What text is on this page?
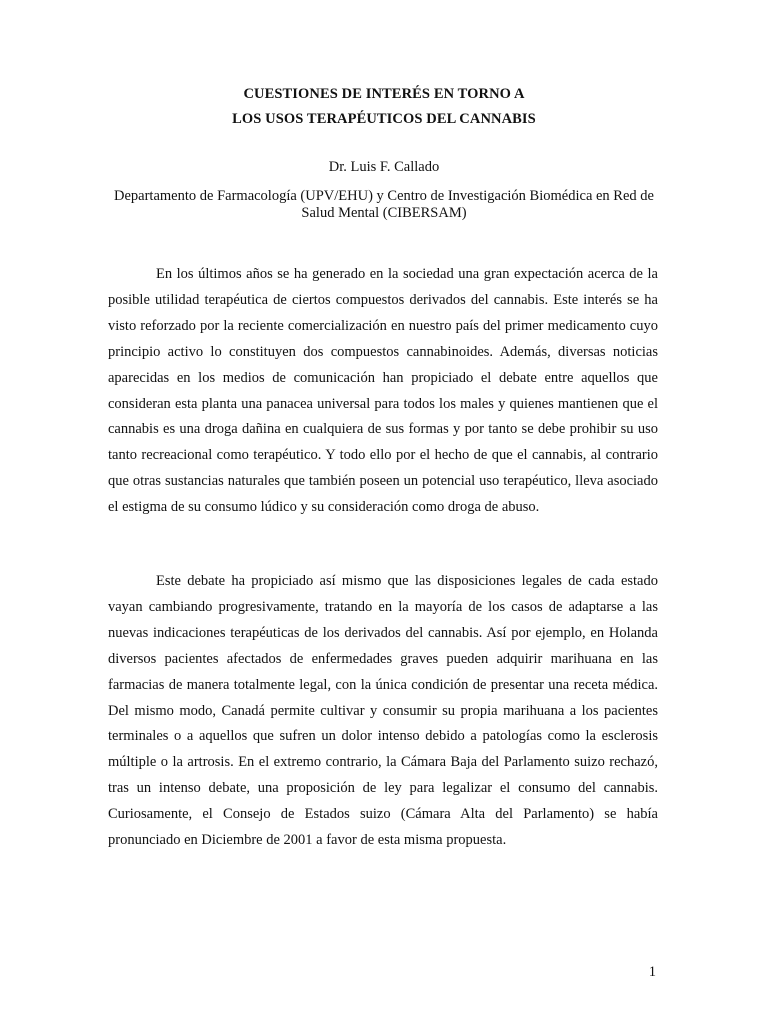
CUESTIONES DE INTERÉS EN TORNO A
LOS USOS TERAPÉUTICOS DEL CANNABIS
Dr. Luis F. Callado
Departamento de Farmacología (UPV/EHU) y Centro de Investigación Biomédica en Red de Salud Mental (CIBERSAM)

En los últimos años se ha generado en la sociedad una gran expectación acerca de la posible utilidad terapéutica de ciertos compuestos derivados del cannabis. Este interés se ha visto reforzado por la reciente comercialización en nuestro país del primer medicamento cuyo principio activo lo constituyen dos compuestos cannabinoides. Además, diversas noticias aparecidas en los medios de comunicación han propiciado el debate entre aquellos que consideran esta planta una panacea universal para todos los males y quienes mantienen que el cannabis es una droga dañina en cualquiera de sus formas y por tanto se debe prohibir su uso tanto recreacional como terapéutico. Y todo ello por el hecho de que el cannabis, al contrario que otras sustancias naturales que también poseen un potencial uso terapéutico, lleva asociado el estigma de su consumo lúdico y su consideración como droga de abuso.

Este debate ha propiciado así mismo que las disposiciones legales de cada estado vayan cambiando progresivamente, tratando en la mayoría de los casos de adaptarse a las nuevas indicaciones terapéuticas de los derivados del cannabis. Así por ejemplo, en Holanda diversos pacientes afectados de enfermedades graves pueden adquirir marihuana en las farmacias de manera totalmente legal, con la única condición de presentar una receta médica. Del mismo modo, Canadá permite cultivar y consumir su propia marihuana a los pacientes terminales o a aquellos que sufren un dolor intenso debido a patologías como la esclerosis múltiple o la artrosis. En el extremo contrario, la Cámara Baja del Parlamento suizo rechazó, tras un intenso debate, una proposición de ley para legalizar el consumo del cannabis. Curiosamente, el Consejo de Estados suizo (Cámara Alta del Parlamento) se había pronunciado en Diciembre de 2001 a favor de esta misma propuesta.

1
